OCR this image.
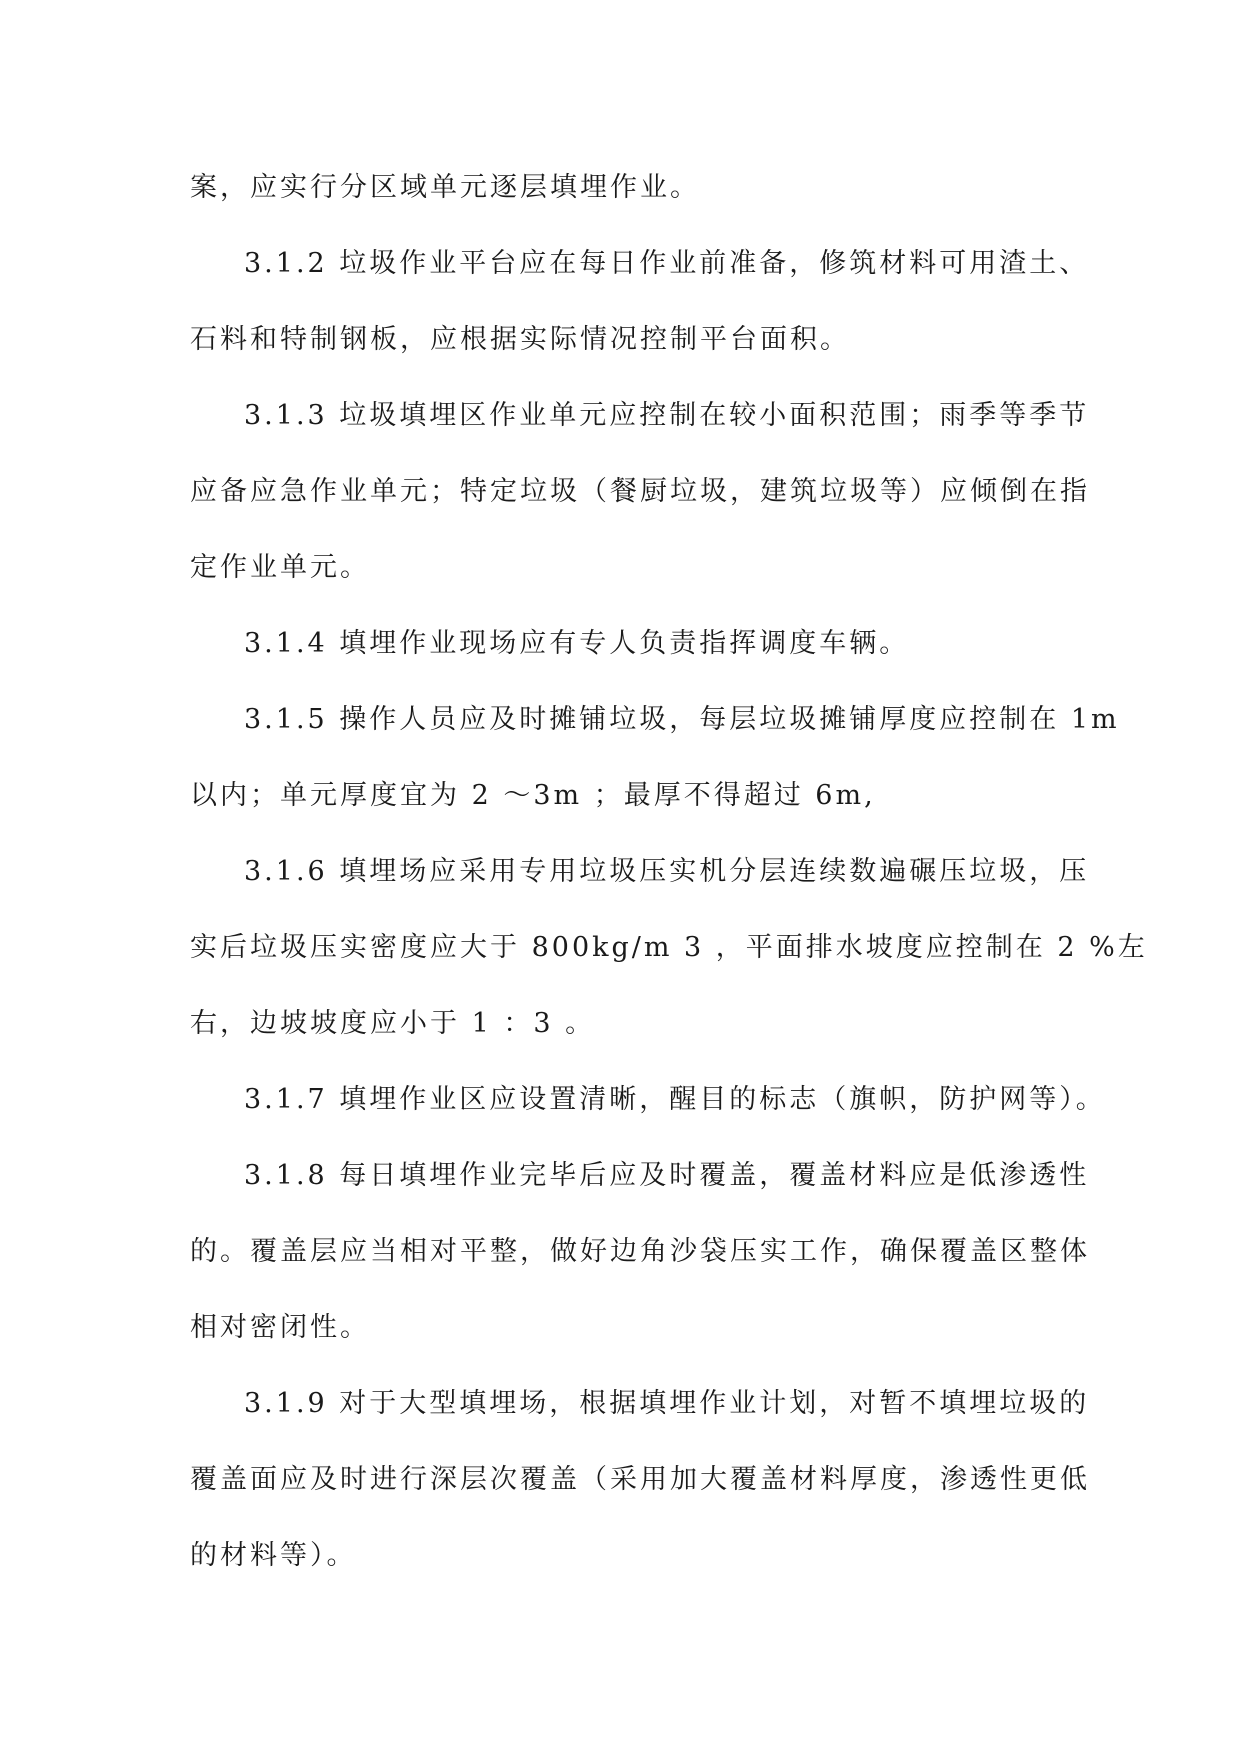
案，应实行分区域单元逐层填埋作业。
3.1.2 垃圾作业平台应在每日作业前准备，修筑材料可用渣土、
石料和特制钢板，应根据实际情况控制平台面积。
3.1.3 垃圾填埋区作业单元应控制在较小面积范围；雨季等季节
应备应急作业单元；特定垃圾（餐厨垃圾，建筑垃圾等）应倾倒在指
定作业单元。
3.1.4 填埋作业现场应有专人负责指挥调度车辆。
3.1.5 操作人员应及时摊铺垃圾，每层垃圾摊铺厚度应控制在 1m
以内；单元厚度宜为 2 ～3m ；最厚不得超过 6m,
3.1.6 填埋场应采用专用垃圾压实机分层连续数遍碾压垃圾，压
实后垃圾压实密度应大于 800kg/m 3 ，平面排水坡度应控制在 2 %左
右，边坡坡度应小于 1 ：3 。
3.1.7 填埋作业区应设置清晰，醒目的标志（旗帜，防护网等）。
3.1.8 每日填埋作业完毕后应及时覆盖，覆盖材料应是低渗透性
的。覆盖层应当相对平整，做好边角沙袋压实工作，确保覆盖区整体
相对密闭性。
3.1.9 对于大型填埋场，根据填埋作业计划，对暂不填埋垃圾的
覆盖面应及时进行深层次覆盖（采用加大覆盖材料厚度，渗透性更低
的材料等）。
